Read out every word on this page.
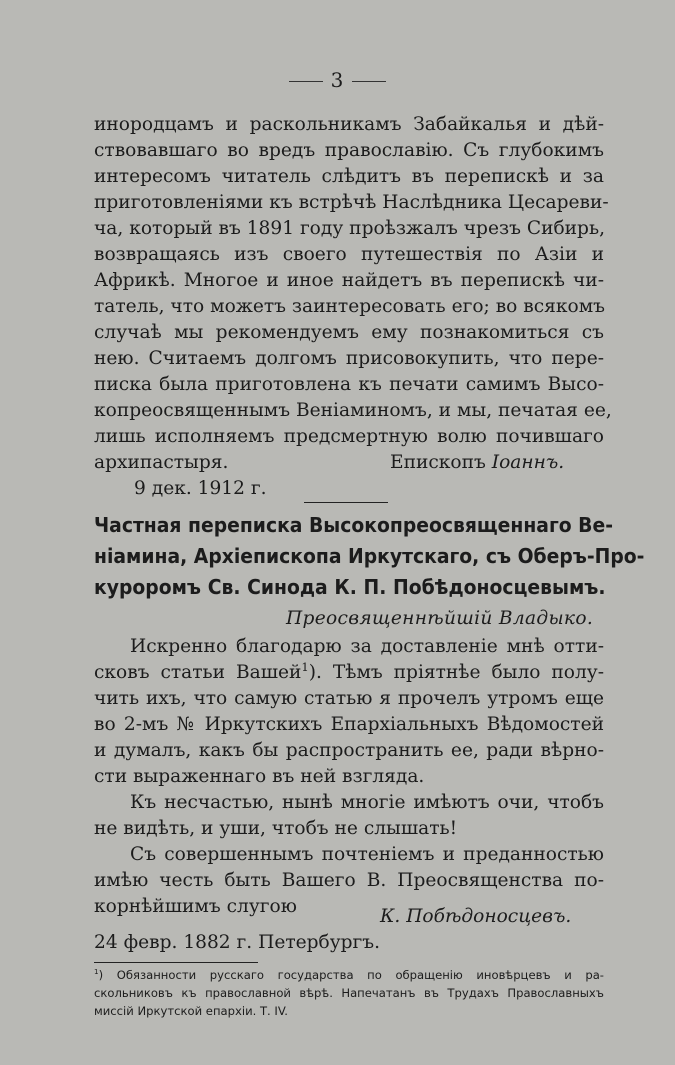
3
инородцамъ и раскольникамъ Забайкалья и дѣй-
ствовавшаго во вредъ православію. Съ глубокимъ
интересомъ читатель слѣдитъ въ перепискѣ и за
приготовленіями къ встрѣчѣ Наслѣдника Цесареви-
ча, который въ 1891 году проѣзжалъ чрезъ Сибирь,
возвращаясь изъ своего путешествія по Азіи и
Африкѣ. Многое и иное найдетъ въ перепискѣ чи-
татель, что можетъ заинтересовать его; во всякомъ
случаѣ мы рекомендуемъ ему познакомиться съ
нею. Считаемъ долгомъ присовокупить, что пере-
писка была приготовлена къ печати самимъ Высо-
копреосвященнымъ Веніаминомъ, и мы, печатая ее,
лишь исполняемъ предсмертную волю почившаго
архипастыря.	Епископъ Іоаннъ.
9 дек. 1912 г.
Частная переписка Высокопреосвященнаго Ве-
ніамина, Архіепископа Иркутскаго, съ Оберъ-Про-
куроромъ Св. Синода К. П. Побѣдоносцевымъ.
Преосвященнѣйшій Владыко.
Искренно благодарю за доставленіе мнѣ отти-
сковъ статьи Вашей$^1$). Тѣмъ пріятнѣе было полу-
чить ихъ, что самую статью я прочелъ утромъ еще
во 2-мъ № Иркутскихъ Епархіальныхъ Вѣдомостей
и думалъ, какъ бы распространить ее, ради вѣрно-
сти выраженнаго въ ней взгляда.
Къ несчастью, нынѣ многіе имѣютъ очи, чтобъ
не видѣть, и уши, чтобъ не слышать!
Съ совершеннымъ почтеніемъ и преданностью
имѣю честь быть Вашего В. Преосвященства по-
корнѣйшимъ слугою	К. Побѣдоносцевъ.
24 февр. 1882 г. Петербургъ.
$^1$) Обязанности русскаго государства по обращенію иновѣрцевъ и ра-
скольниковъ къ православной вѣрѣ. Напечатанъ въ Трудахъ Православныхъ
миссій Иркутской епархіи. Т. IV.
